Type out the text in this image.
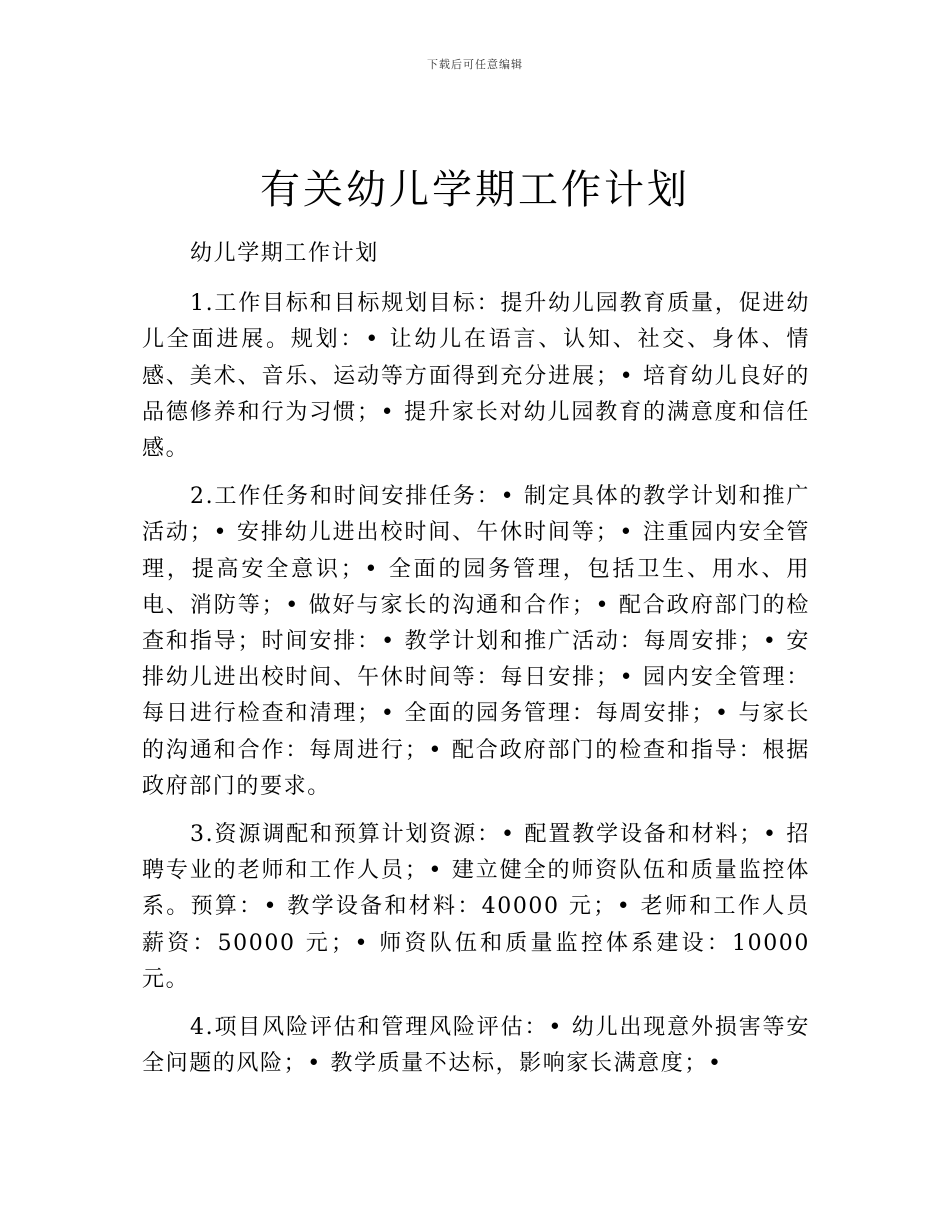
下载后可任意编辑
有关幼儿学期工作计划

幼儿学期工作计划

1.工作目标和目标规划目标：提升幼儿园教育质量，促进幼儿全面进展。规划：• 让幼儿在语言、认知、社交、身体、情感、美术、音乐、运动等方面得到充分进展；• 培育幼儿良好的品德修养和行为习惯；• 提升家长对幼儿园教育的满意度和信任感。

2.工作任务和时间安排任务：• 制定具体的教学计划和推广活动；• 安排幼儿进出校时间、午休时间等；• 注重园内安全管理，提高安全意识；• 全面的园务管理，包括卫生、用水、用电、消防等；• 做好与家长的沟通和合作；• 配合政府部门的检查和指导；时间安排：• 教学计划和推广活动：每周安排；• 安排幼儿进出校时间、午休时间等：每日安排；• 园内安全管理：每日进行检查和清理；• 全面的园务管理：每周安排；• 与家长的沟通和合作：每周进行；• 配合政府部门的检查和指导：根据政府部门的要求。

3.资源调配和预算计划资源：• 配置教学设备和材料；• 招聘专业的老师和工作人员；• 建立健全的师资队伍和质量监控体系。预算：• 教学设备和材料：40000 元；• 老师和工作人员薪资：50000 元；• 师资队伍和质量监控体系建设：10000 元。

4.项目风险评估和管理风险评估：• 幼儿出现意外损害等安全问题的风险；• 教学质量不达标，影响家长满意度；•
